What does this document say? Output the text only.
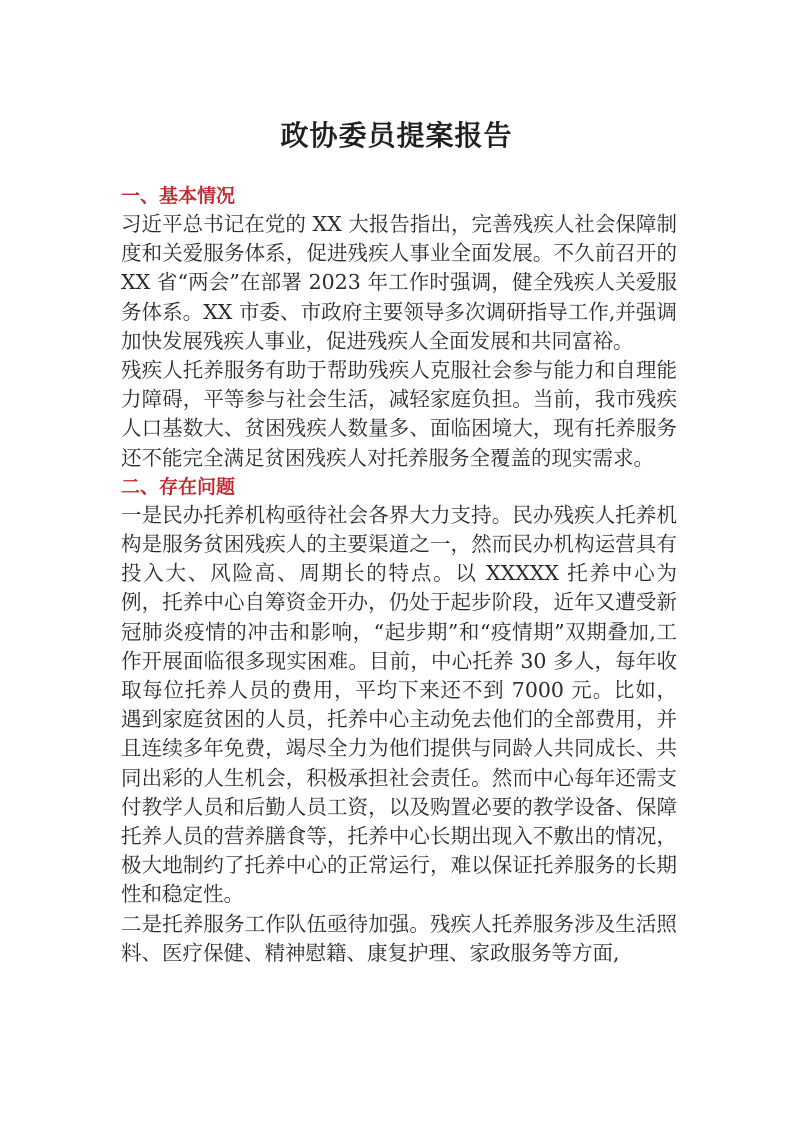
政协委员提案报告
一、基本情况

习近平总书记在党的 XX 大报告指出，完善残疾人社会保障制度和关爱服务体系，促进残疾人事业全面发展。不久前召开的 XX 省“两会”在部署 2023 年工作时强调，健全残疾人关爱服务体系。XX 市委、市政府主要领导多次调研指导工作,并强调加快发展残疾人事业，促进残疾人全面发展和共同富裕。

残疾人托养服务有助于帮助残疾人克服社会参与能力和自理能力障碍，平等参与社会生活，减轻家庭负担。当前，我市残疾人口基数大、贫困残疾人数量多、面临困境大，现有托养服务还不能完全满足贫困残疾人对托养服务全覆盖的现实需求。

二、存在问题

一是民办托养机构亟待社会各界大力支持。民办残疾人托养机构是服务贫困残疾人的主要渠道之一，然而民办机构运营具有投入大、风险高、周期长的特点。以 XXXXX 托养中心为例，托养中心自筹资金开办，仍处于起步阶段，近年又遭受新冠肺炎疫情的冲击和影响，“起步期”和“疫情期”双期叠加,工作开展面临很多现实困难。目前，中心托养 30 多人，每年收取每位托养人员的费用，平均下来还不到 7000 元。比如，遇到家庭贫困的人员，托养中心主动免去他们的全部费用，并且连续多年免费，竭尽全力为他们提供与同龄人共同成长、共同出彩的人生机会，积极承担社会责任。然而中心每年还需支付教学人员和后勤人员工资，以及购置必要的教学设备、保障托养人员的营养膳食等，托养中心长期出现入不敷出的情况，极大地制约了托养中心的正常运行，难以保证托养服务的长期性和稳定性。

二是托养服务工作队伍亟待加强。残疾人托养服务涉及生活照料、医疗保健、精神慰籍、康复护理、家政服务等方面,
